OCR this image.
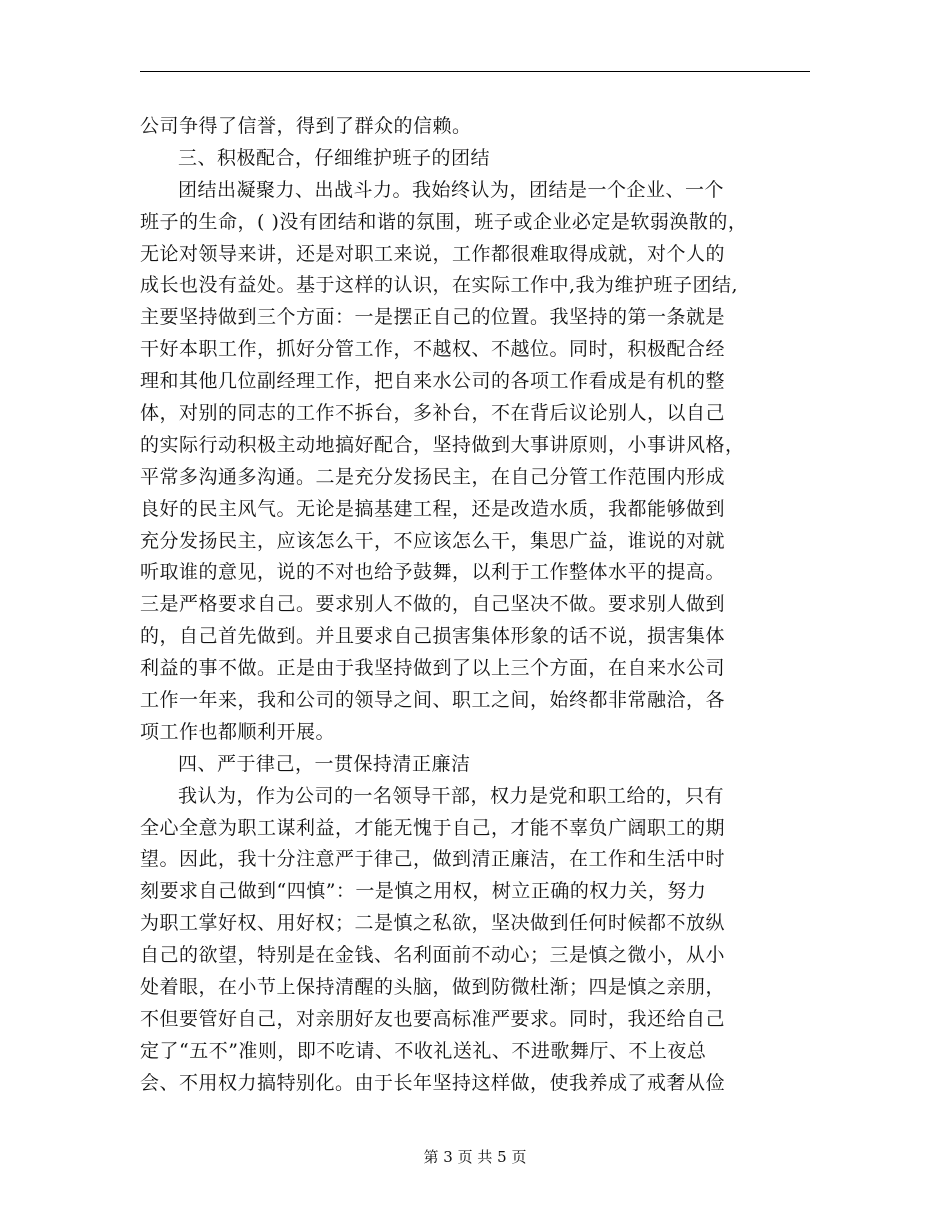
公司争得了信誉，得到了群众的信赖。
三、积极配合，仔细维护班子的团结
团结出凝聚力、出战斗力。我始终认为，团结是一个企业、一个
班子的生命，( )没有团结和谐的氛围，班子或企业必定是软弱涣散的，
无论对领导来讲，还是对职工来说，工作都很难取得成就，对个人的
成长也没有益处。基于这样的认识，在实际工作中,我为维护班子团结,
主要坚持做到三个方面：一是摆正自己的位置。我坚持的第一条就是
干好本职工作，抓好分管工作，不越权、不越位。同时，积极配合经
理和其他几位副经理工作，把自来水公司的各项工作看成是有机的整
体，对别的同志的工作不拆台，多补台，不在背后议论别人，以自己
的实际行动积极主动地搞好配合，坚持做到大事讲原则，小事讲风格，
平常多沟通多沟通。二是充分发扬民主，在自己分管工作范围内形成
良好的民主风气。无论是搞基建工程，还是改造水质，我都能够做到
充分发扬民主，应该怎么干，不应该怎么干，集思广益，谁说的对就
听取谁的意见，说的不对也给予鼓舞，以利于工作整体水平的提高。
三是严格要求自己。要求别人不做的，自己坚决不做。要求别人做到
的，自己首先做到。并且要求自己损害集体形象的话不说，损害集体
利益的事不做。正是由于我坚持做到了以上三个方面，在自来水公司
工作一年来，我和公司的领导之间、职工之间，始终都非常融洽，各
项工作也都顺利开展。
四、严于律己，一贯保持清正廉洁
我认为，作为公司的一名领导干部，权力是党和职工给的，只有
全心全意为职工谋利益，才能无愧于自己，才能不辜负广阔职工的期
望。因此，我十分注意严于律己，做到清正廉洁，在工作和生活中时
刻要求自己做到“四慎”：一是慎之用权，树立正确的权力关，努力
为职工掌好权、用好权；二是慎之私欲，坚决做到任何时候都不放纵
自己的欲望，特别是在金钱、名利面前不动心；三是慎之微小，从小
处着眼，在小节上保持清醒的头脑，做到防微杜渐；四是慎之亲朋，
不但要管好自己，对亲朋好友也要高标准严要求。同时，我还给自己
定了“五不”准则，即不吃请、不收礼送礼、不进歌舞厅、不上夜总
会、不用权力搞特别化。由于长年坚持这样做，使我养成了戒奢从俭
第 3 页 共 5 页
